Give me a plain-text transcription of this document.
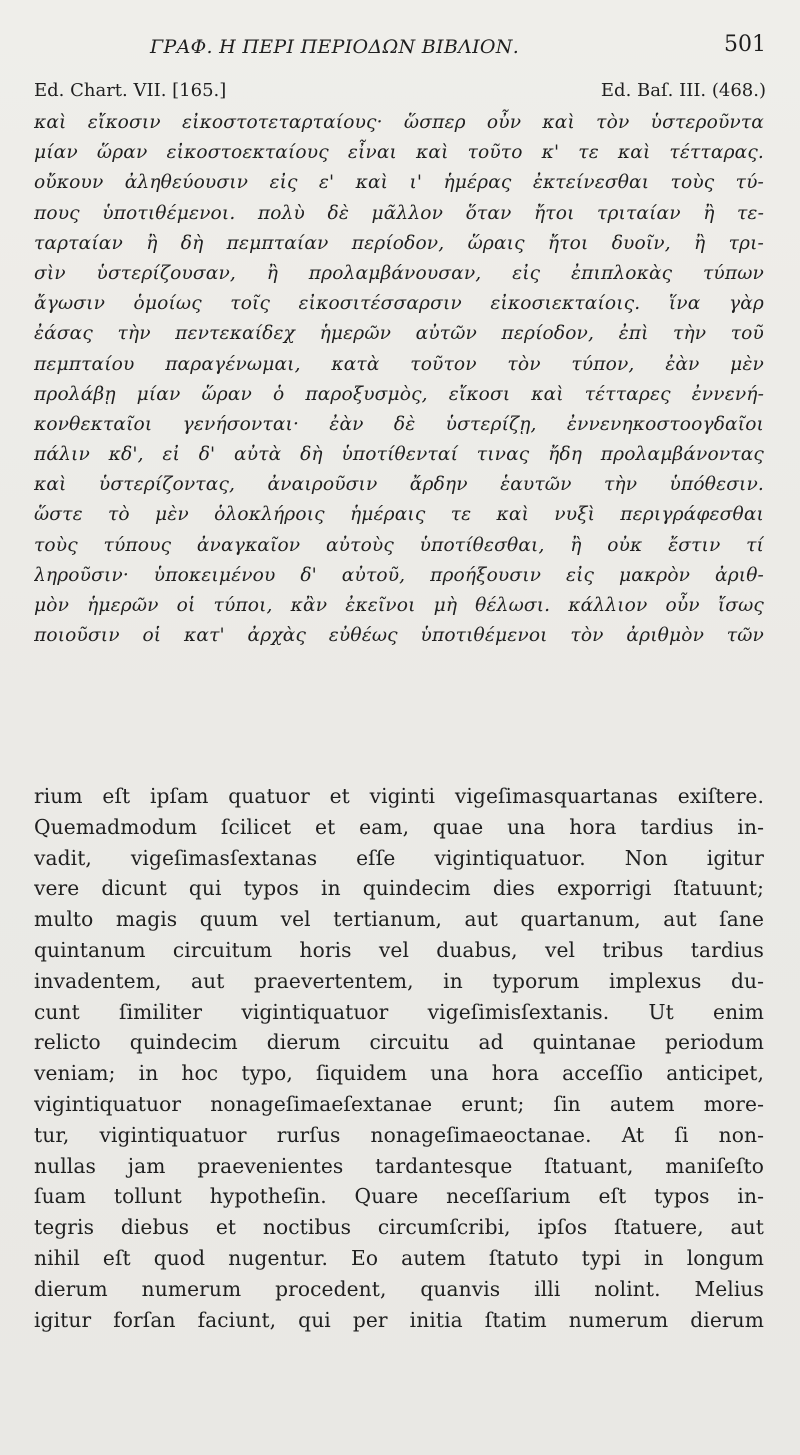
ΓΡΑΦ. Η ΠΕΡΙ ΠΕΡΙΟΔΩΝ ΒΙΒΛΙΟΝ.	501
Ed. Chart. VII. [165.]	Ed. Baſ. III. (468.)
καὶ εἴκοσιν εἰκοστοτεταρταίους· ὥσπερ οὖν καὶ τὸν ὑστεροῦντα
μίαν ὥραν εἰκοστοεκταίους εἶναι καὶ τοῦτο κ' τε καὶ τέτταρας.
οὔκουν ἀληθεύουσιν εἰς ε' καὶ ι' ἡμέρας ἐκτείνεσθαι τοὺς τύ-
πους ὑποτιθέμενοι. πολὺ δὲ μᾶλλον ὅταν ἤτοι τριταίαν ἢ τε-
ταρταίαν ἢ δὴ πεμπταίαν περίοδον, ὥραις ἤτοι δυοῖν, ἢ τρι-
σὶν ὑστερίζουσαν, ἢ προλαμβάνουσαν, εἰς ἐπιπλοκὰς τύπων
ἄγωσιν ὁμοίως τοῖς εἰκοσιτέσσαρσιν εἰκοσιεκταίοις. ἵνα γὰρ
ἐάσας τὴν πεντεκαίδεχ ἡμερῶν αὐτῶν περίοδον, ἐπὶ τὴν τοῦ
πεμπταίου παραγένωμαι, κατὰ τοῦτον τὸν τύπον, ἐὰν μὲν
προλάβῃ μίαν ὥραν ὁ παροξυσμὸς, εἴκοσι καὶ τέτταρες ἐννενή-
κονθεκταῖοι γενήσονται· ἐὰν δὲ ὑστερίζῃ, ἐννενηκοστοογδαῖοι
πάλιν κδ', εἰ δ' αὐτὰ δὴ ὑποτίθενταί τινας ἤδη προλαμβάνοντας
καὶ ὑστερίζοντας, ἀναιροῦσιν ἄρδην ἑαυτῶν τὴν ὑπόθεσιν.
ὥστε τὸ μὲν ὁλοκλήροις ἡμέραις τε καὶ νυξὶ περιγράφεσθαι
τοὺς τύπους ἀναγκαῖον αὐτοὺς ὑποτίθεσθαι, ἢ οὐκ ἔστιν τί
ληροῦσιν· ὑποκειμένου δ' αὐτοῦ, προήξουσιν εἰς μακρὸν ἀριθ-
μὸν ἡμερῶν οἱ τύποι, κἂν ἐκεῖνοι μὴ θέλωσι. κάλλιον οὖν ἴσως
ποιοῦσιν οἱ κατ' ἀρχὰς εὐθέως ὑποτιθέμενοι τὸν ἀριθμὸν τῶν
rium eſt ipſam quatuor et viginti vigeſimasquartanas exiſtere.
Quemadmodum ſcilicet et eam, quae una hora tardius in-
vadit, vigeſimasſextanas eſſe vigintiquatuor. Non igitur
vere dicunt qui typos in quindecim dies exporrigi ſtatuunt;
multo magis quum vel tertianum, aut quartanum, aut ſane
quintanum circuitum horis vel duabus, vel tribus tardius
invadentem, aut praevertentem, in typorum implexus du-
cunt ſimiliter vigintiquatuor vigeſimisſextanis. Ut enim
relicto quindecim dierum circuitu ad quintanae periodum
veniam; in hoc typo, ſiquidem una hora acceſſio anticipet,
vigintiquatuor nonageſimaeſextanae erunt; ſin autem more-
tur, vigintiquatuor rurſus nonageſimaeoctanae. At ſi non-
nullas jam praevenientes tardantesque ſtatuant, maniſeſto
ſuam tollunt hypotheſin. Quare neceſſarium eſt typos in-
tegris diebus et noctibus circumſcribi, ipſos ſtatuere, aut
nihil eſt quod nugentur. Eo autem ſtatuto typi in longum
dierum numerum procedent, quanvis illi nolint. Melius
igitur forſan faciunt, qui per initia ſtatim numerum dierum
